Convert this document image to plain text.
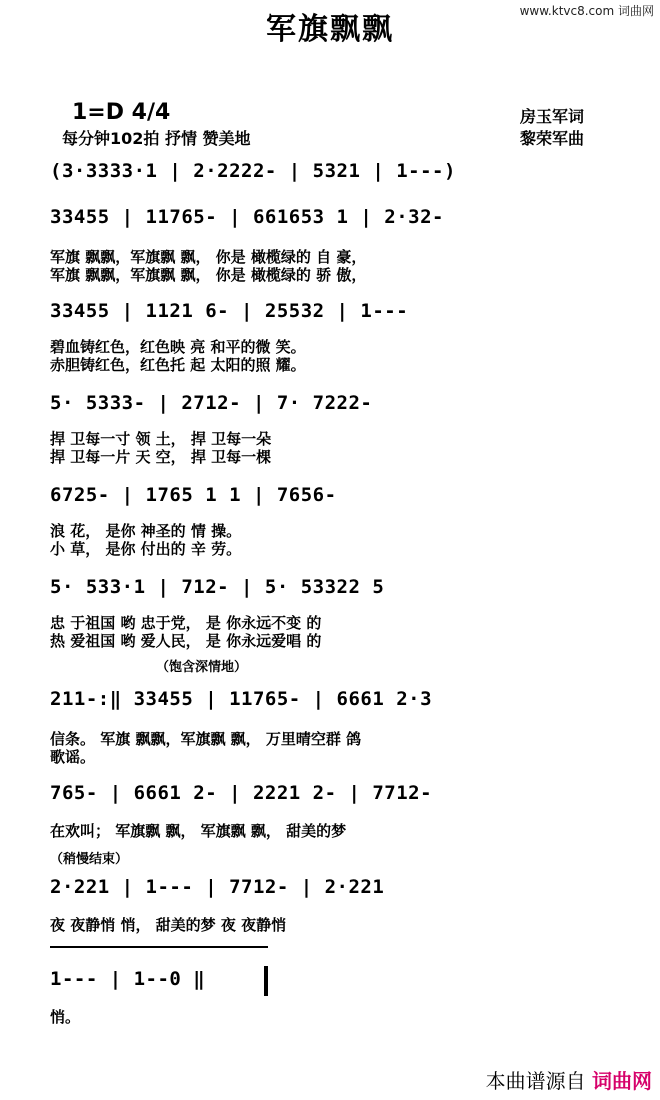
www.ktvc8.com 词曲网
军旗飘飘
1=D 4/4
每分钟102拍 抒情 赞美地
房玉军词
黎荣军曲
(3·3333·1 | 2·2222- | 5321 | 1---)
33455 | 11765- | 661653 1 | 2·32-
军旗 飘飘，军旗飘 飘， 你是 橄榄绿的 自 豪，
军旗 飘飘，军旗飘 飘， 你是 橄榄绿的 骄 傲，
33455 | 1121 6- | 25532 | 1---
碧血铸红色，红色映 亮 和平的微 笑。
赤胆铸红色，红色托 起 太阳的照 耀。
5· 5333- | 2712- | 7· 7222-
捍 卫每一寸 领 土， 捍 卫每一朵
捍 卫每一片 天 空， 捍 卫每一棵
6725- | 1765 1 1 | 7656-
浪 花， 是你 神圣的 情 操。
小 草， 是你 付出的 辛 劳。
5· 533·1 | 712- | 5· 53322 5
忠 于祖国 哟 忠于党， 是 你永远不变 的
热 爱祖国 哟 爱人民， 是 你永远爱唱 的
（饱含深情地）
211-:‖ 33455 | 11765- | 6661 2·3
信条。 军旗 飘飘，军旗飘 飘， 万里晴空群 鸽
歌谣。
765- | 6661 2- | 2221 2- | 7712-
在欢叫； 军旗飘 飘， 军旗飘 飘， 甜美的梦
（稍慢结束）
2·221 | 1--- | 7712- | 2·221
夜 夜静悄 悄， 甜美的梦 夜 夜静悄
1--- | 1--0 ‖
悄。
本曲谱源自 词曲网
